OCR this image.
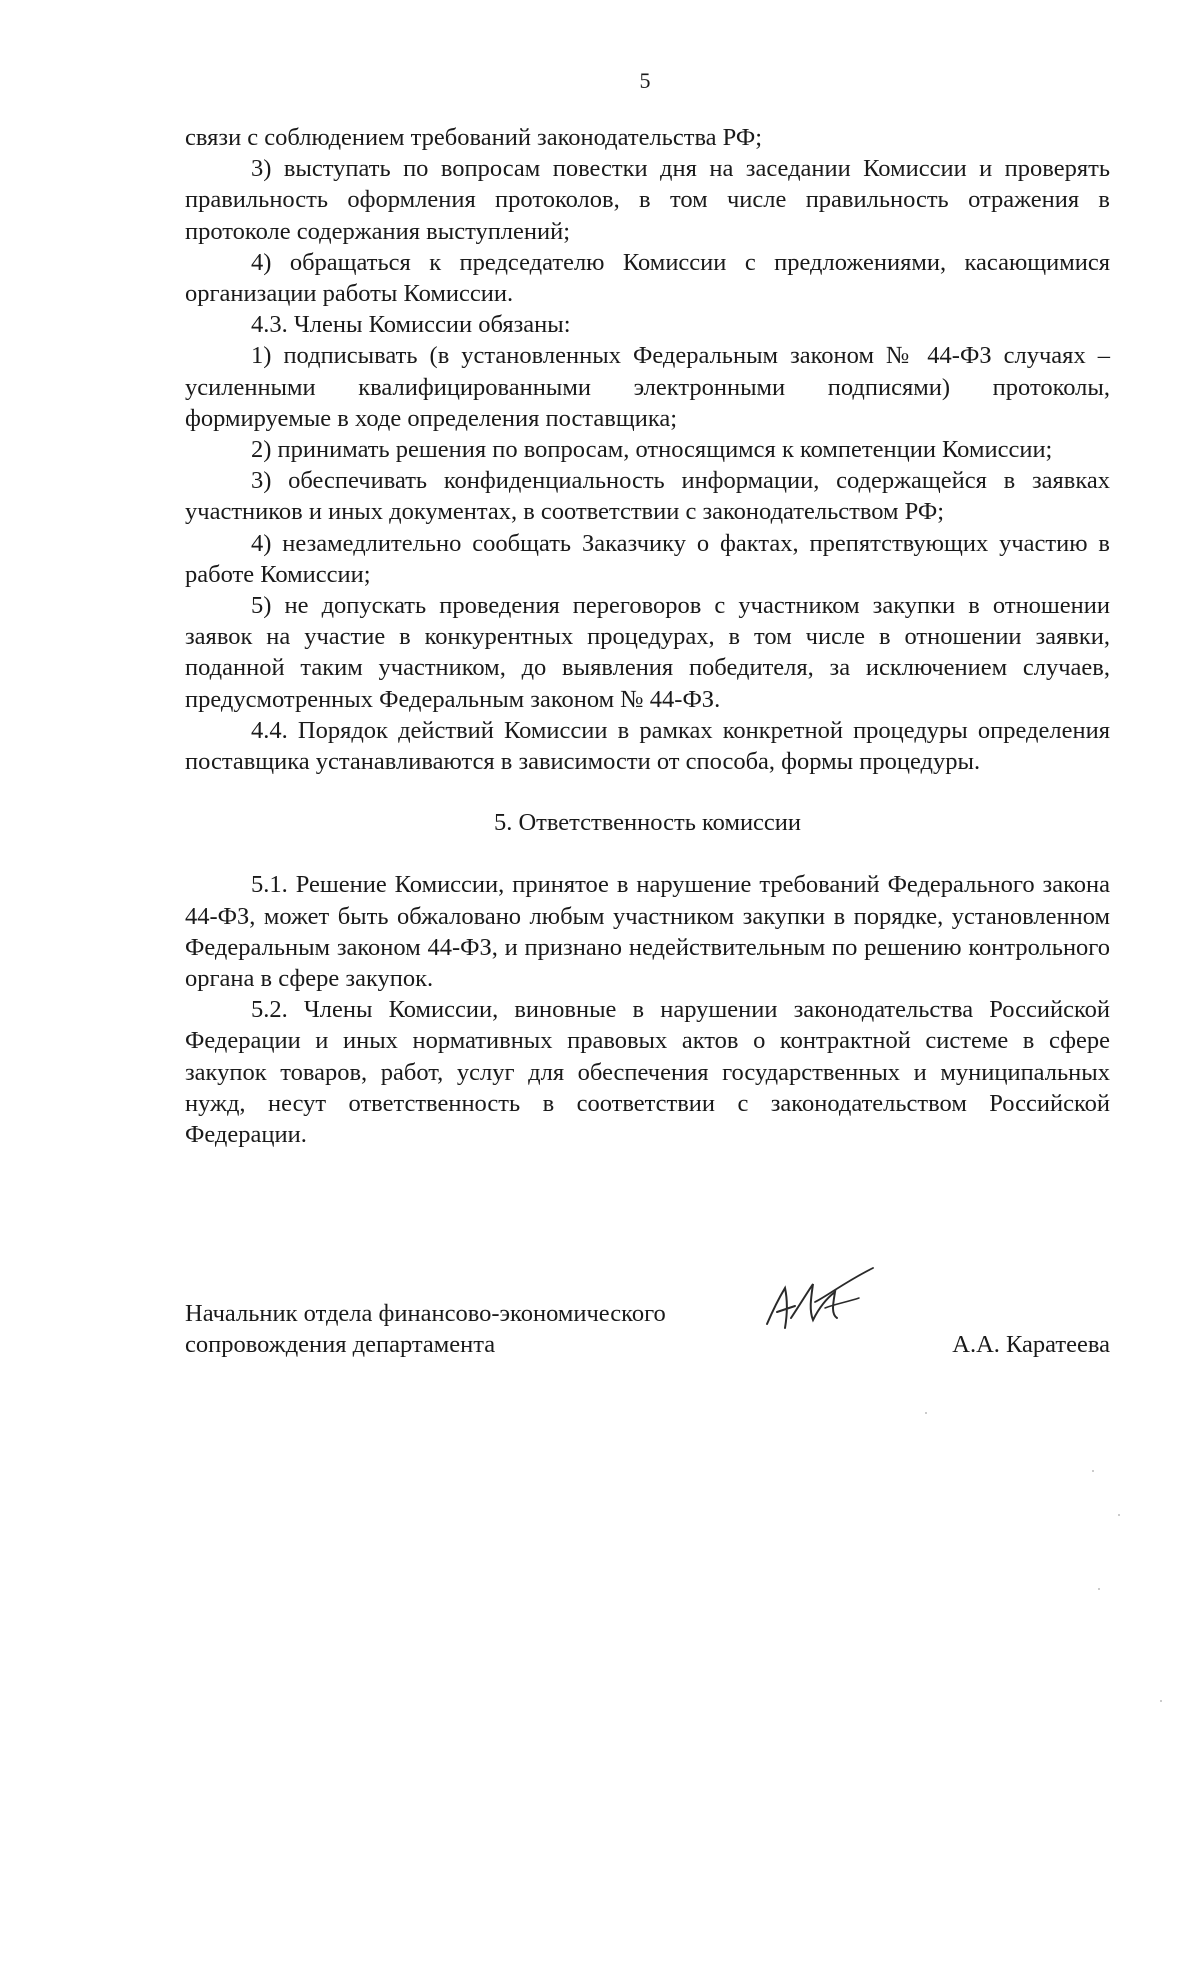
5

связи с соблюдением требований законодательства РФ;

3) выступать по вопросам повестки дня на заседании Комиссии и проверять правильность оформления протоколов, в том числе правильность отражения в протоколе содержания выступлений;

4) обращаться к председателю Комиссии с предложениями, касающимися организации работы Комиссии.

4.3. Члены Комиссии обязаны:

1) подписывать (в установленных Федеральным законом № 44-ФЗ случаях – усиленными квалифицированными электронными подписями) протоколы, формируемые в ходе определения поставщика;

2) принимать решения по вопросам, относящимся к компетенции Комиссии;

3) обеспечивать конфиденциальность информации, содержащейся в заявках участников и иных документах, в соответствии с законодательством РФ;

4) незамедлительно сообщать Заказчику о фактах, препятствующих участию в работе Комиссии;

5) не допускать проведения переговоров с участником закупки в отношении заявок на участие в конкурентных процедурах, в том числе в отношении заявки, поданной таким участником, до выявления победителя, за исключением случаев, предусмотренных Федеральным законом № 44-ФЗ.

4.4. Порядок действий Комиссии в рамках конкретной процедуры определения поставщика устанавливаются в зависимости от способа, формы процедуры.

5. Ответственность комиссии

5.1. Решение Комиссии, принятое в нарушение требований Федерального закона 44-ФЗ, может быть обжаловано любым участником закупки в порядке, установленном Федеральным законом 44-ФЗ, и признано недействительным по решению контрольного органа в сфере закупок.

5.2. Члены Комиссии, виновные в нарушении законодательства Российской Федерации и иных нормативных правовых актов о контрактной системе в сфере закупок товаров, работ, услуг для обеспечения государственных и муниципальных нужд, несут ответственность в соответствии с законодательством Российской Федерации.

Начальник отдела финансово-экономического
сопровождения департамента	А.А. Каратеева
